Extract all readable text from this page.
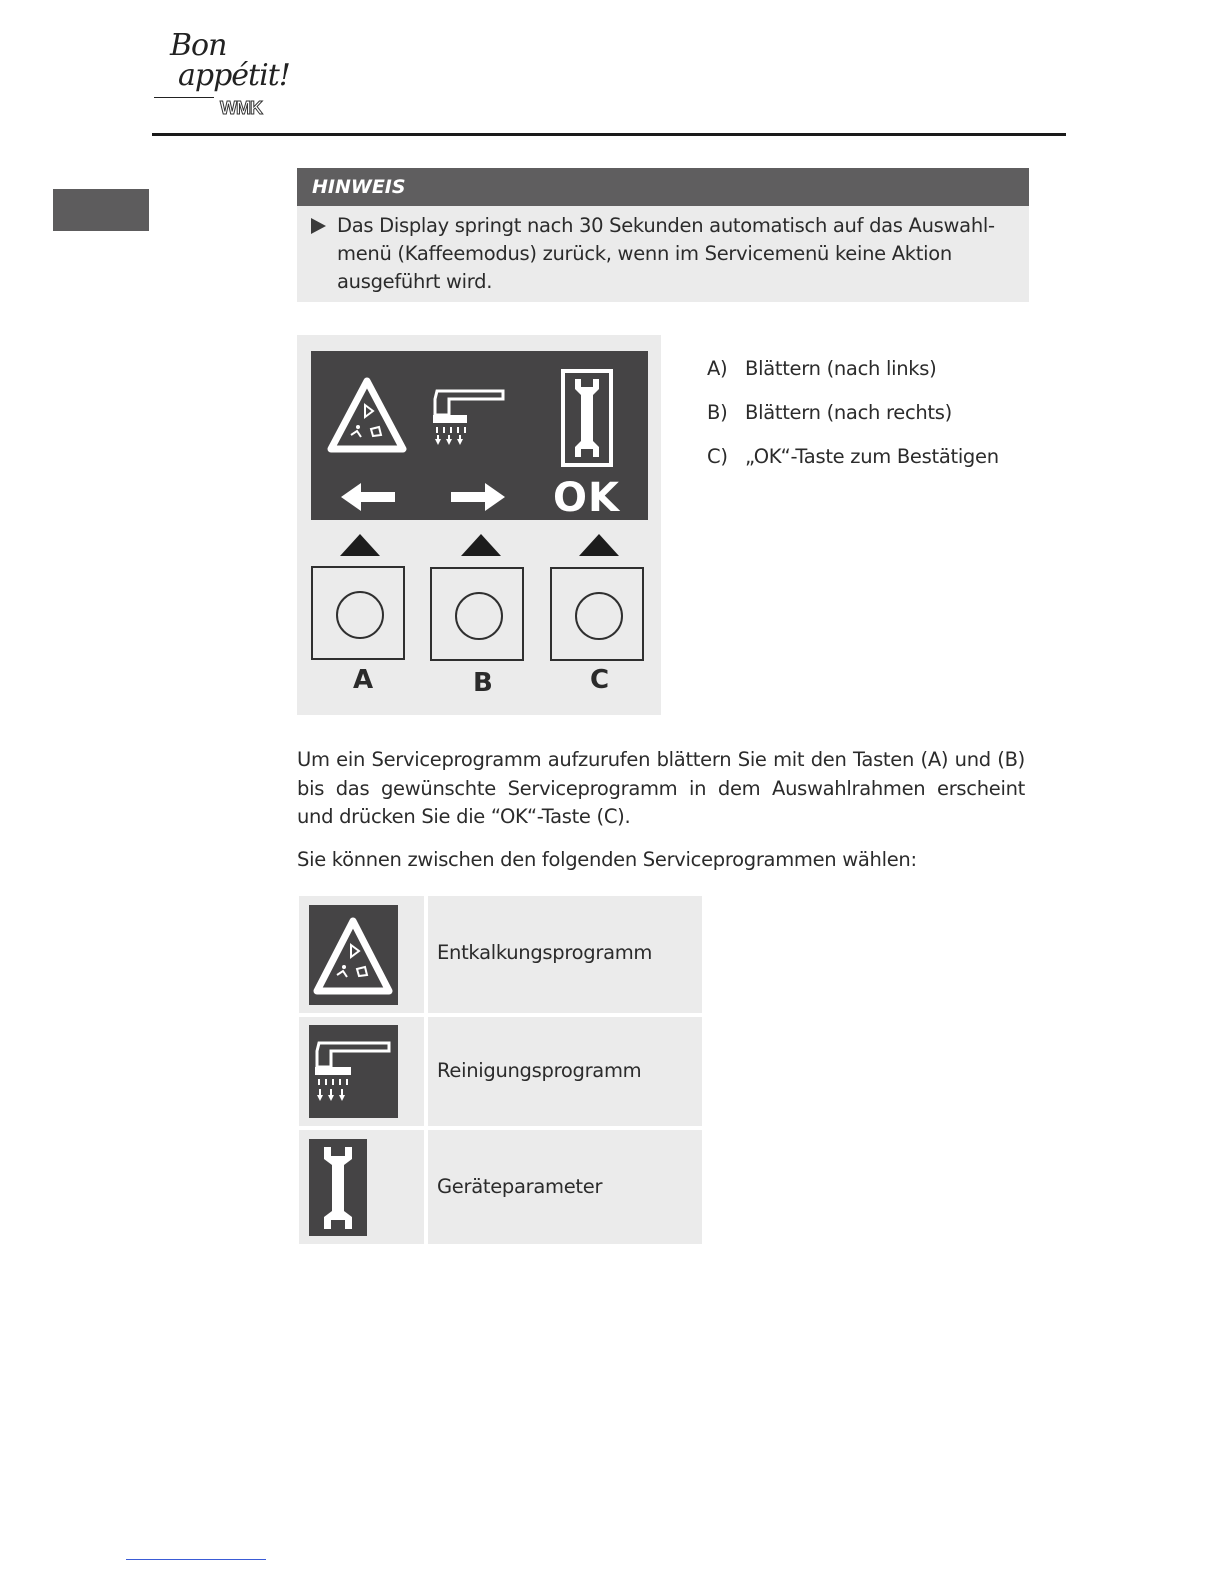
Bon
appétit!
WMK
HINWEIS
Das Display springt nach 30 Sekunden automatisch auf das Auswahl-menü (Kaffeemodus) zurück, wenn im Servicemenü keine Aktion ausgeführt wird.
OK
A	B	C
A) Blättern (nach links)
B) Blättern (nach rechts)
C) „OK“-Taste zum Bestätigen
Um ein Serviceprogramm aufzurufen blättern Sie mit den Tasten (A) und (B) bis das gewünschte Serviceprogramm in dem Auswahlrahmen erscheint und drücken Sie die “OK“-Taste (C).
Sie können zwischen den folgenden Serviceprogrammen wählen:
Entkalkungsprogramm
Reinigungsprogramm
Geräteparameter
